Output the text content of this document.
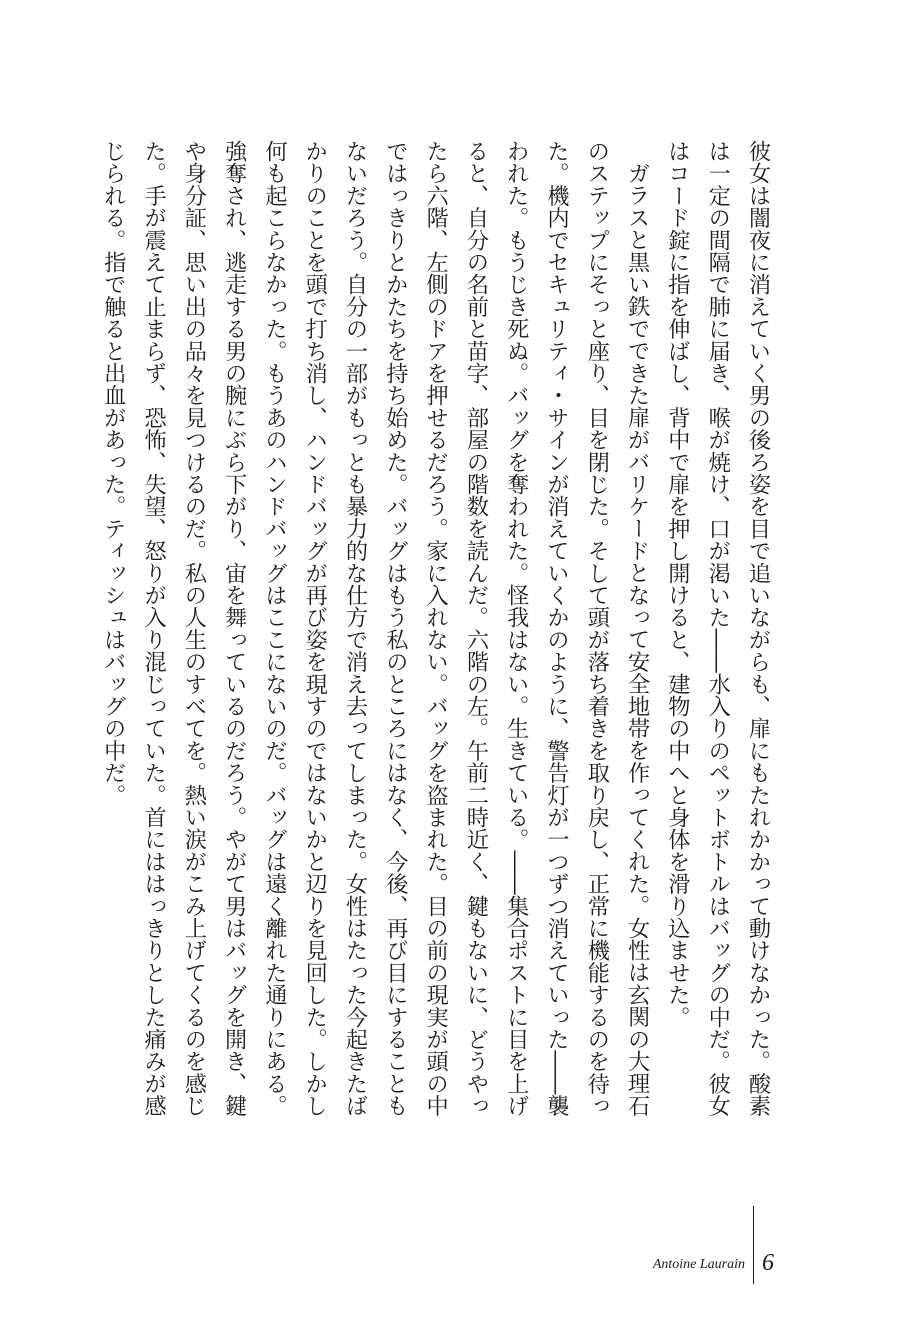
彼女は闇夜に消えていく男の後ろ姿を目で追いながらも、扉にもたれかかって動けなかった。酸素は一定の間隔で肺に届き、喉が焼け、口が渇いた――水入りのペットボトルはバッグの中だ。彼女はコード錠に指を伸ばし、背中で扉を押し開けると、建物の中へと身体を滑り込ませた。

ガラスと黒い鉄でできた扉がバリケードとなって安全地帯を作ってくれた。女性は玄関の大理石のステップにそっと座り、目を閉じた。そして頭が落ち着きを取り戻し、正常に機能するのを待った。機内でセキュリティ・サインが消えていくかのように、警告灯が一つずつ消えていった――襲われた。もうじき死ぬ。バッグを奪われた。怪我はない。生きている。――集合ポストに目を上げると、自分の名前と苗字、部屋の階数を読んだ。六階の左。午前二時近く、鍵もないに、どうやったら六階、左側のドアを押せるだろう。家に入れない。バッグを盗まれた。目の前の現実が頭の中ではっきりとかたちを持ち始めた。バッグはもう私のところにはなく、今後、再び目にすることもないだろう。自分の一部がもっとも暴力的な仕方で消え去ってしまった。女性はたった今起きたばかりのことを頭で打ち消し、ハンドバッグが再び姿を現すのではないかと辺りを見回した。しかし何も起こらなかった。もうあのハンドバッグはここにないのだ。バッグは遠く離れた通りにある。強奪され、逃走する男の腕にぶら下がり、宙を舞っているのだろう。やがて男はバッグを開き、鍵や身分証、思い出の品々を見つけるのだ。私の人生のすべてを。熱い涙がこみ上げてくるのを感じた。手が震えて止まらず、恐怖、失望、怒りが入り混じっていた。首にははっきりとした痛みが感じられる。指で触ると出血があった。ティッシュはバッグの中だ。

Antoine Laurain 6
